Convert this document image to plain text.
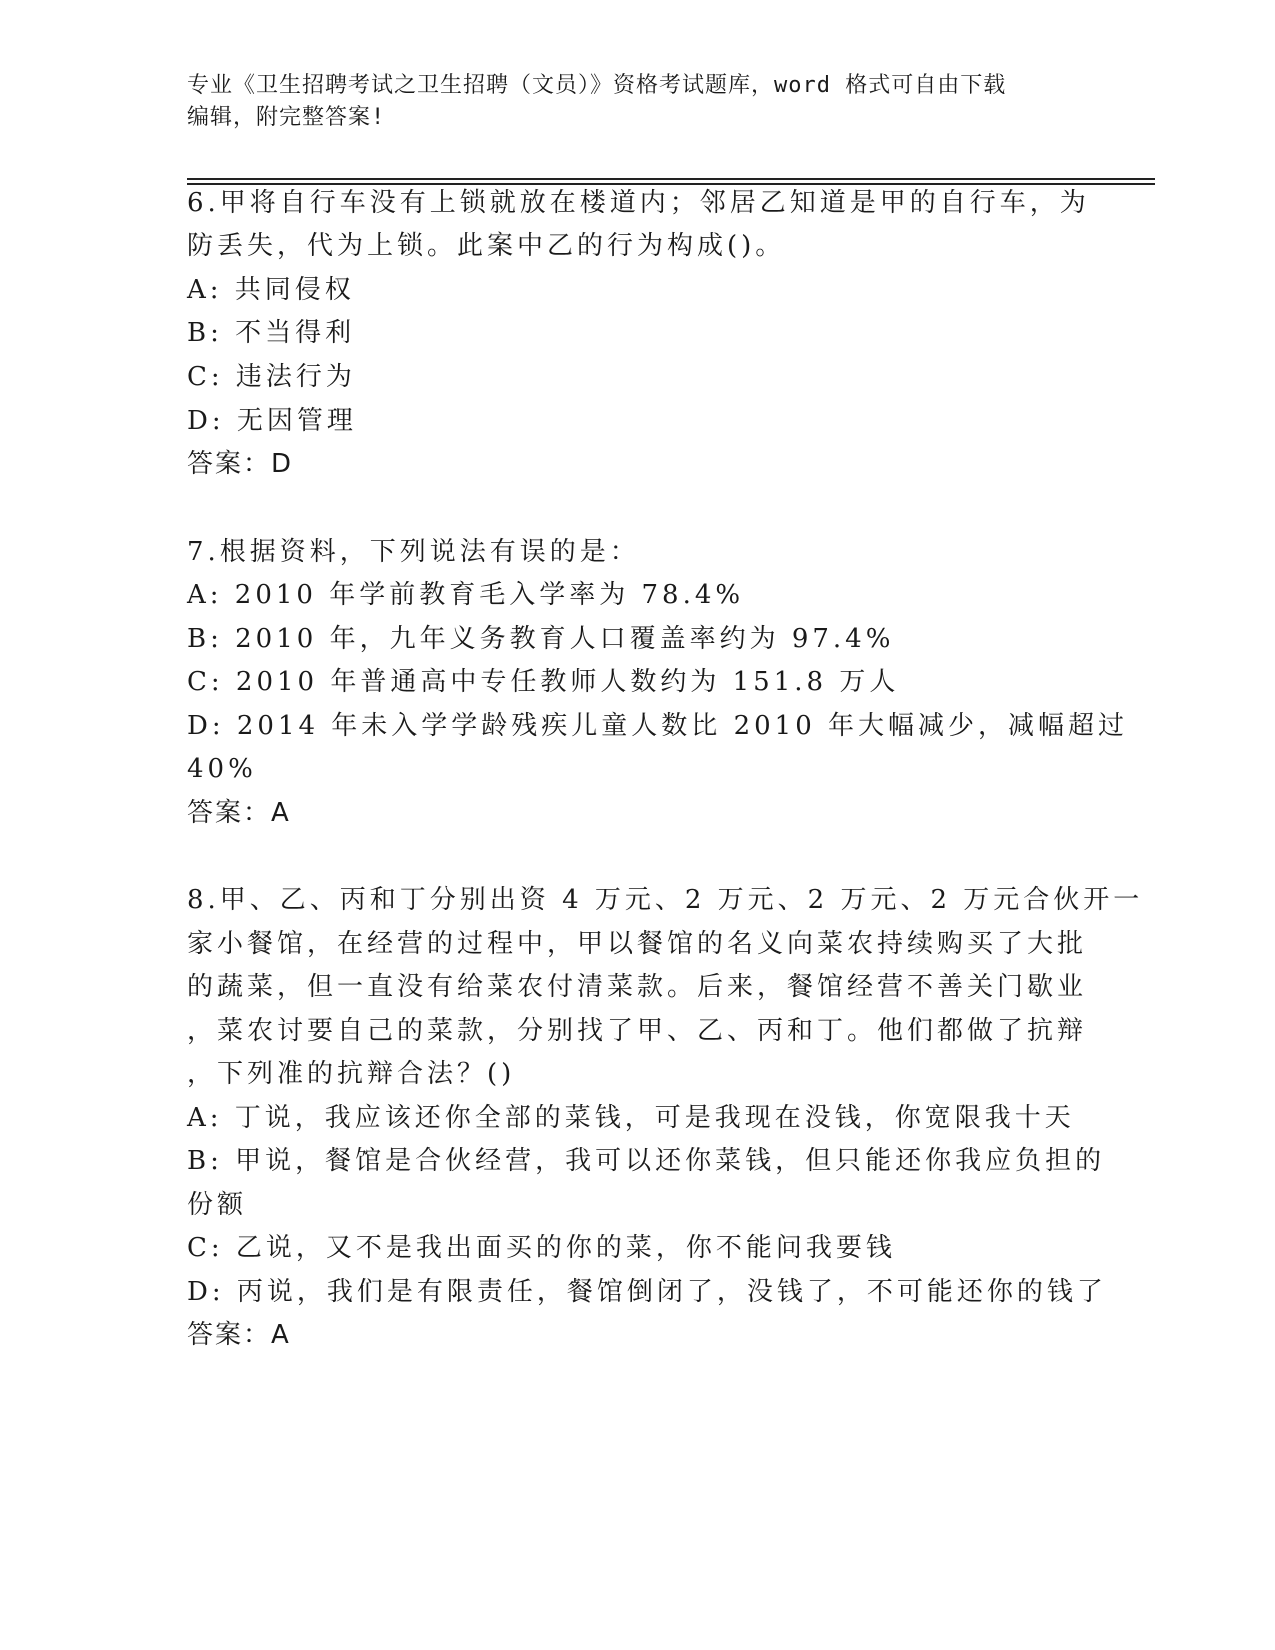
专业《卫生招聘考试之卫生招聘（文员）》资格考试题库，word 格式可自由下载
编辑，附完整答案!
6.甲将自行车没有上锁就放在楼道内；邻居乙知道是甲的自行车，为
防丢失，代为上锁。此案中乙的行为构成()。
A: 共同侵权
B: 不当得利
C: 违法行为
D: 无因管理
答案：D
7.根据资料，下列说法有误的是：
A: 2010 年学前教育毛入学率为 78.4%
B: 2010 年，九年义务教育人口覆盖率约为 97.4%
C: 2010 年普通高中专任教师人数约为 151.8 万人
D: 2014 年未入学学龄残疾儿童人数比 2010 年大幅减少，减幅超过
40%
答案：A
8.甲、乙、丙和丁分别出资 4 万元、2 万元、2 万元、2 万元合伙开一
家小餐馆，在经营的过程中，甲以餐馆的名义向菜农持续购买了大批
的蔬菜，但一直没有给菜农付清菜款。后来，餐馆经营不善关门歇业
，菜农讨要自己的菜款，分别找了甲、乙、丙和丁。他们都做了抗辩
，下列准的抗辩合法？()
A: 丁说，我应该还你全部的菜钱，可是我现在没钱，你宽限我十天
B: 甲说，餐馆是合伙经营，我可以还你菜钱，但只能还你我应负担的
份额
C: 乙说，又不是我出面买的你的菜，你不能问我要钱
D: 丙说，我们是有限责任，餐馆倒闭了，没钱了，不可能还你的钱了
答案：A
